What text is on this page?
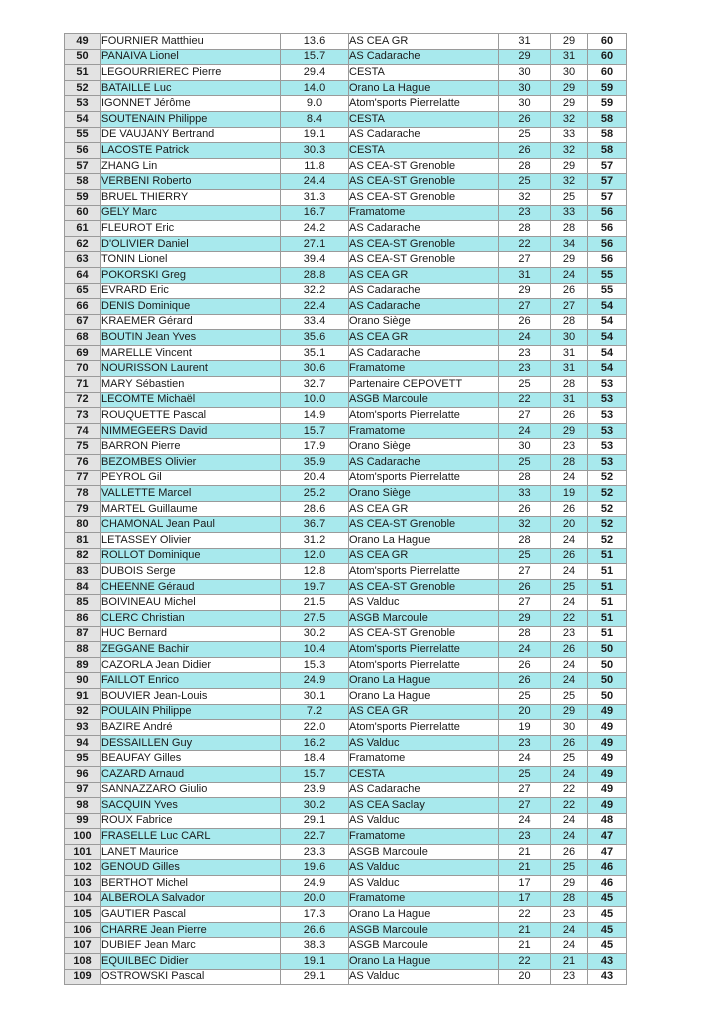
49	FOURNIER Matthieu	13.6	AS CEA GR	31	29	60
50	PANAIVA Lionel	15.7	AS Cadarache	29	31	60
51	LEGOURRIEREC Pierre	29.4	CESTA	30	30	60
52	BATAILLE Luc	14.0	Orano La Hague	30	29	59
53	IGONNET Jérôme	9.0	Atom'sports Pierrelatte	30	29	59
54	SOUTENAIN Philippe	8.4	CESTA	26	32	58
55	DE VAUJANY Bertrand	19.1	AS Cadarache	25	33	58
56	LACOSTE Patrick	30.3	CESTA	26	32	58
57	ZHANG Lin	11.8	AS CEA-ST Grenoble	28	29	57
58	VERBENI Roberto	24.4	AS CEA-ST Grenoble	25	32	57
59	BRUEL THIERRY	31.3	AS CEA-ST Grenoble	32	25	57
60	GELY Marc	16.7	Framatome	23	33	56
61	FLEUROT Eric	24.2	AS Cadarache	28	28	56
62	D'OLIVIER Daniel	27.1	AS CEA-ST Grenoble	22	34	56
63	TONIN Lionel	39.4	AS CEA-ST Grenoble	27	29	56
64	POKORSKI Greg	28.8	AS CEA GR	31	24	55
65	EVRARD Eric	32.2	AS Cadarache	29	26	55
66	DENIS Dominique	22.4	AS Cadarache	27	27	54
67	KRAEMER Gérard	33.4	Orano Siège	26	28	54
68	BOUTIN Jean Yves	35.6	AS CEA GR	24	30	54
69	MARELLE Vincent	35.1	AS Cadarache	23	31	54
70	NOURISSON Laurent	30.6	Framatome	23	31	54
71	MARY Sébastien	32.7	Partenaire CEPOVETT	25	28	53
72	LECOMTE Michaël	10.0	ASGB Marcoule	22	31	53
73	ROUQUETTE Pascal	14.9	Atom'sports Pierrelatte	27	26	53
74	NIMMEGEERS David	15.7	Framatome	24	29	53
75	BARRON Pierre	17.9	Orano Siège	30	23	53
76	BEZOMBES Olivier	35.9	AS Cadarache	25	28	53
77	PEYROL Gil	20.4	Atom'sports Pierrelatte	28	24	52
78	VALLETTE Marcel	25.2	Orano Siège	33	19	52
79	MARTEL Guillaume	28.6	AS CEA GR	26	26	52
80	CHAMONAL Jean Paul	36.7	AS CEA-ST Grenoble	32	20	52
81	LETASSEY Olivier	31.2	Orano La Hague	28	24	52
82	ROLLOT Dominique	12.0	AS CEA GR	25	26	51
83	DUBOIS Serge	12.8	Atom'sports Pierrelatte	27	24	51
84	CHEENNE Géraud	19.7	AS CEA-ST Grenoble	26	25	51
85	BOIVINEAU Michel	21.5	AS Valduc	27	24	51
86	CLERC Christian	27.5	ASGB Marcoule	29	22	51
87	HUC Bernard	30.2	AS CEA-ST Grenoble	28	23	51
88	ZEGGANE Bachir	10.4	Atom'sports Pierrelatte	24	26	50
89	CAZORLA Jean Didier	15.3	Atom'sports Pierrelatte	26	24	50
90	FAILLOT Enrico	24.9	Orano La Hague	26	24	50
91	BOUVIER Jean-Louis	30.1	Orano La Hague	25	25	50
92	POULAIN Philippe	7.2	AS CEA GR	20	29	49
93	BAZIRE André	22.0	Atom'sports Pierrelatte	19	30	49
94	DESSAILLEN Guy	16.2	AS Valduc	23	26	49
95	BEAUFAY Gilles	18.4	Framatome	24	25	49
96	CAZARD Arnaud	15.7	CESTA	25	24	49
97	SANNAZZARO Giulio	23.9	AS Cadarache	27	22	49
98	SACQUIN Yves	30.2	AS CEA Saclay	27	22	49
99	ROUX Fabrice	29.1	AS Valduc	24	24	48
100	FRASELLE Luc CARL	22.7	Framatome	23	24	47
101	LANET Maurice	23.3	ASGB Marcoule	21	26	47
102	GENOUD Gilles	19.6	AS Valduc	21	25	46
103	BERTHOT Michel	24.9	AS Valduc	17	29	46
104	ALBEROLA Salvador	20.0	Framatome	17	28	45
105	GAUTIER Pascal	17.3	Orano La Hague	22	23	45
106	CHARRE Jean Pierre	26.6	ASGB Marcoule	21	24	45
107	DUBIEF Jean Marc	38.3	ASGB Marcoule	21	24	45
108	EQUILBEC Didier	19.1	Orano La Hague	22	21	43
109	OSTROWSKI Pascal	29.1	AS Valduc	20	23	43
